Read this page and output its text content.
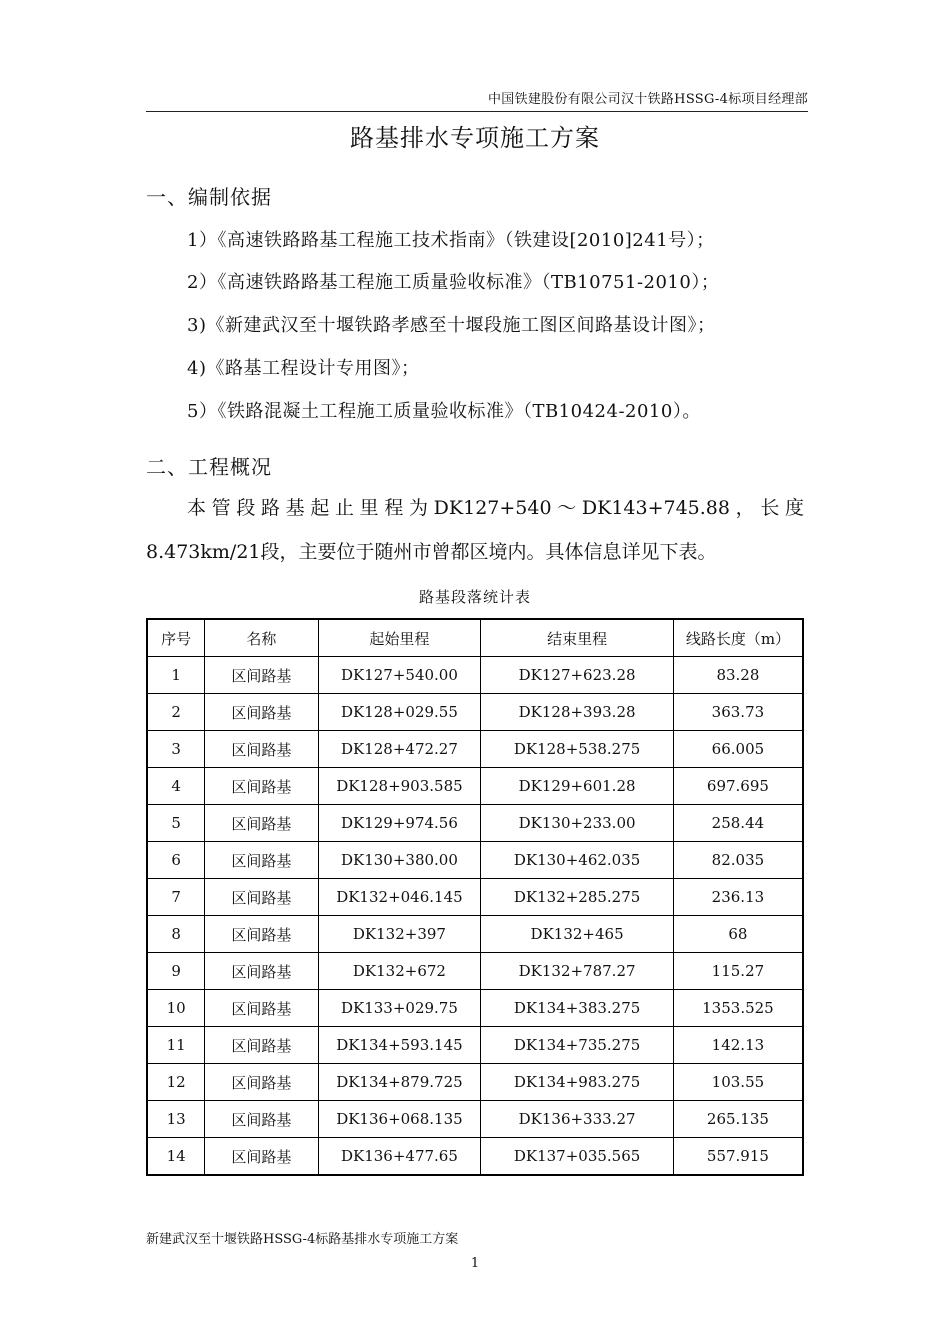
中国铁建股份有限公司汉十铁路HSSG-4标项目经理部
路基排水专项施工方案
一、编制依据
1）《高速铁路路基工程施工技术指南》（铁建设[2010]241号）；
2）《高速铁路路基工程施工质量验收标准》（TB10751-2010）；
3)《新建武汉至十堰铁路孝感至十堰段施工图区间路基设计图》；
4)《路基工程设计专用图》；
5）《铁路混凝土工程施工质量验收标准》（TB10424-2010）。
二、工程概况
本管段路基起止里程为DK127+540～DK143+745.88，长度
8.473km/21段，主要位于随州市曾都区境内。具体信息详见下表。
路基段落统计表
序号	名称	起始里程	结束里程	线路长度（m）
1	区间路基	DK127+540.00	DK127+623.28	83.28
2	区间路基	DK128+029.55	DK128+393.28	363.73
3	区间路基	DK128+472.27	DK128+538.275	66.005
4	区间路基	DK128+903.585	DK129+601.28	697.695
5	区间路基	DK129+974.56	DK130+233.00	258.44
6	区间路基	DK130+380.00	DK130+462.035	82.035
7	区间路基	DK132+046.145	DK132+285.275	236.13
8	区间路基	DK132+397	DK132+465	68
9	区间路基	DK132+672	DK132+787.27	115.27
10	区间路基	DK133+029.75	DK134+383.275	1353.525
11	区间路基	DK134+593.145	DK134+735.275	142.13
12	区间路基	DK134+879.725	DK134+983.275	103.55
13	区间路基	DK136+068.135	DK136+333.27	265.135
14	区间路基	DK136+477.65	DK137+035.565	557.915
新建武汉至十堰铁路HSSG-4标路基排水专项施工方案
1
